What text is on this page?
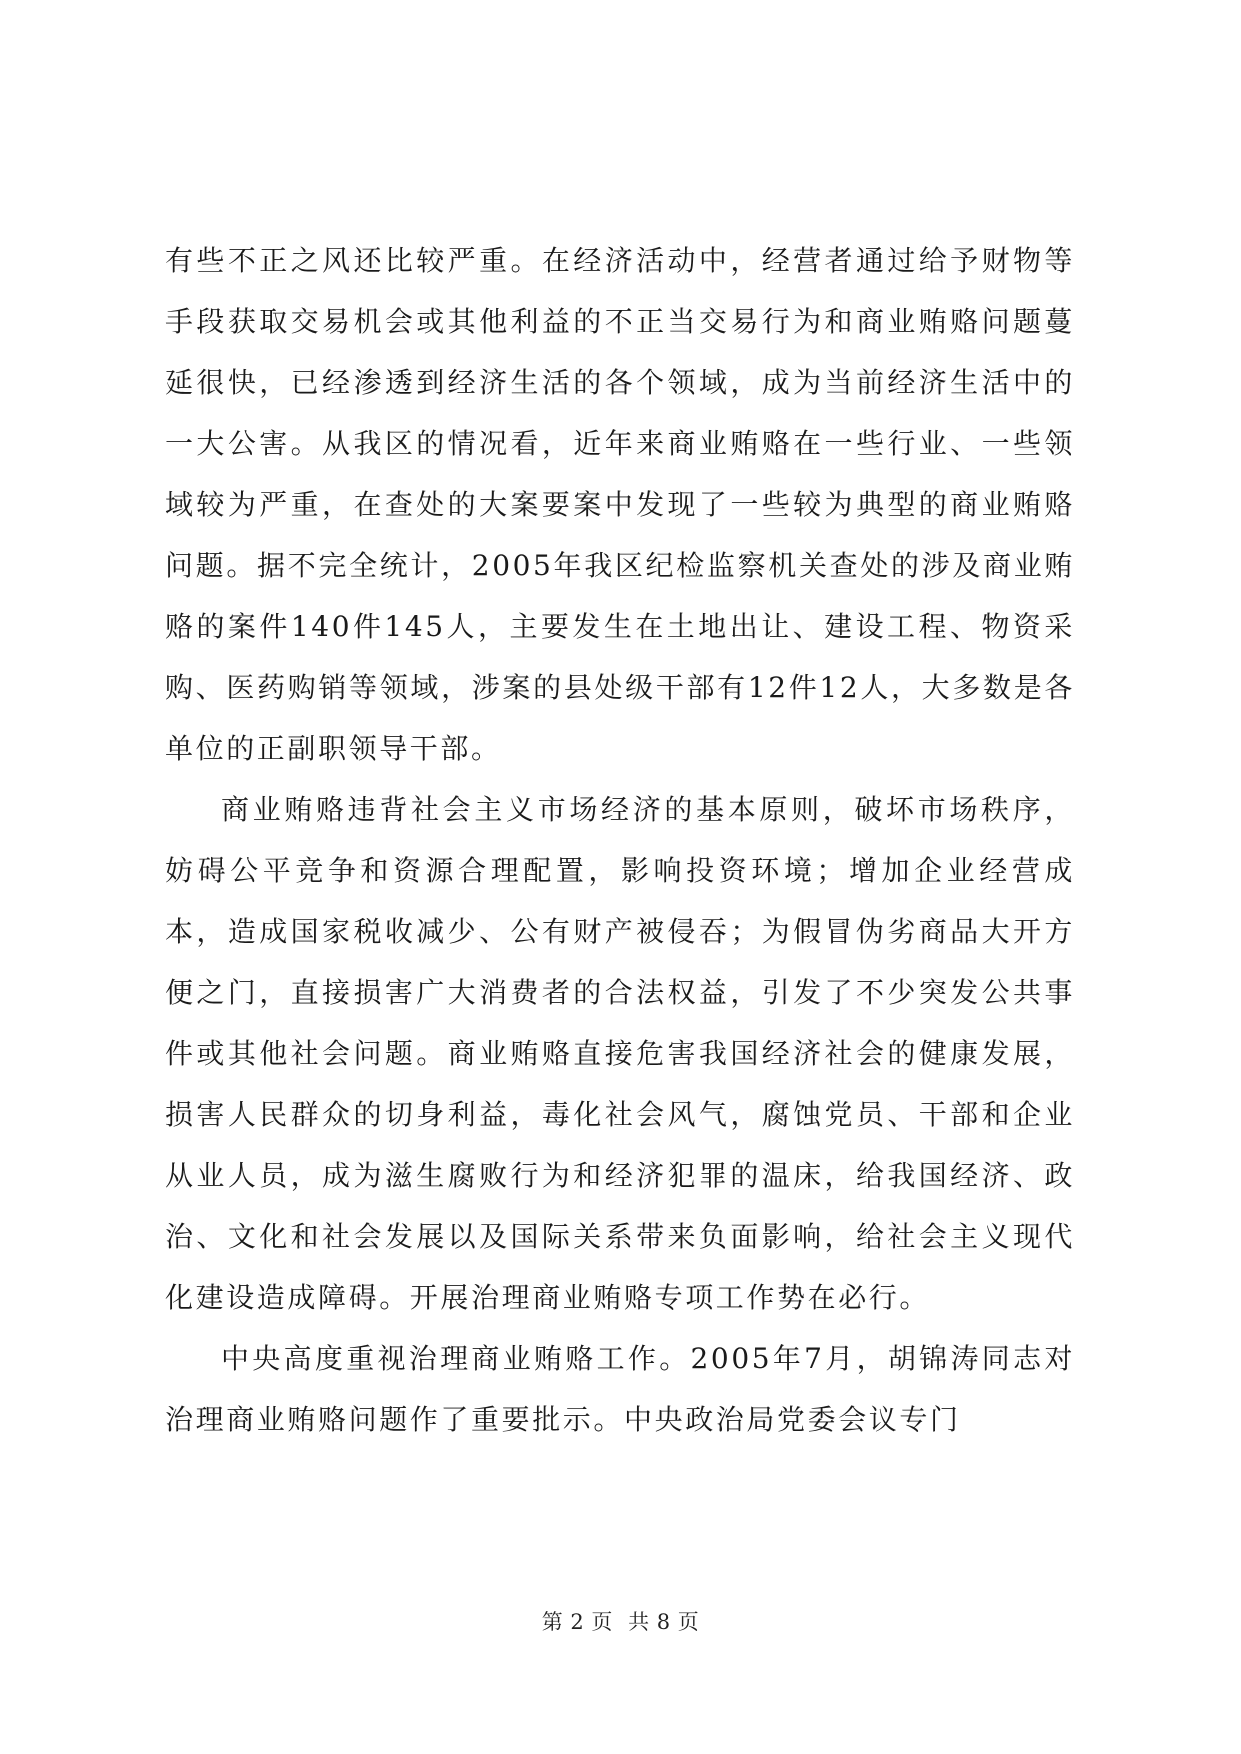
有些不正之风还比较严重。在经济活动中，经营者通过给予财物等手段获取交易机会或其他利益的不正当交易行为和商业贿赂问题蔓延很快，已经渗透到经济生活的各个领域，成为当前经济生活中的一大公害。从我区的情况看，近年来商业贿赂在一些行业、一些领域较为严重，在查处的大案要案中发现了一些较为典型的商业贿赂问题。据不完全统计，2005年我区纪检监察机关查处的涉及商业贿赂的案件140件145人，主要发生在土地出让、建设工程、物资采购、医药购销等领域，涉案的县处级干部有12件12人，大多数是各单位的正副职领导干部。

商业贿赂违背社会主义市场经济的基本原则，破坏市场秩序，妨碍公平竞争和资源合理配置，影响投资环境；增加企业经营成本，造成国家税收减少、公有财产被侵吞；为假冒伪劣商品大开方便之门，直接损害广大消费者的合法权益，引发了不少突发公共事件或其他社会问题。商业贿赂直接危害我国经济社会的健康发展，损害人民群众的切身利益，毒化社会风气，腐蚀党员、干部和企业从业人员，成为滋生腐败行为和经济犯罪的温床，给我国经济、政治、文化和社会发展以及国际关系带来负面影响，给社会主义现代化建设造成障碍。开展治理商业贿赂专项工作势在必行。

中央高度重视治理商业贿赂工作。2005年7月，胡锦涛同志对治理商业贿赂问题作了重要批示。中央政治局党委会议专门

第 2 页 共 8 页
